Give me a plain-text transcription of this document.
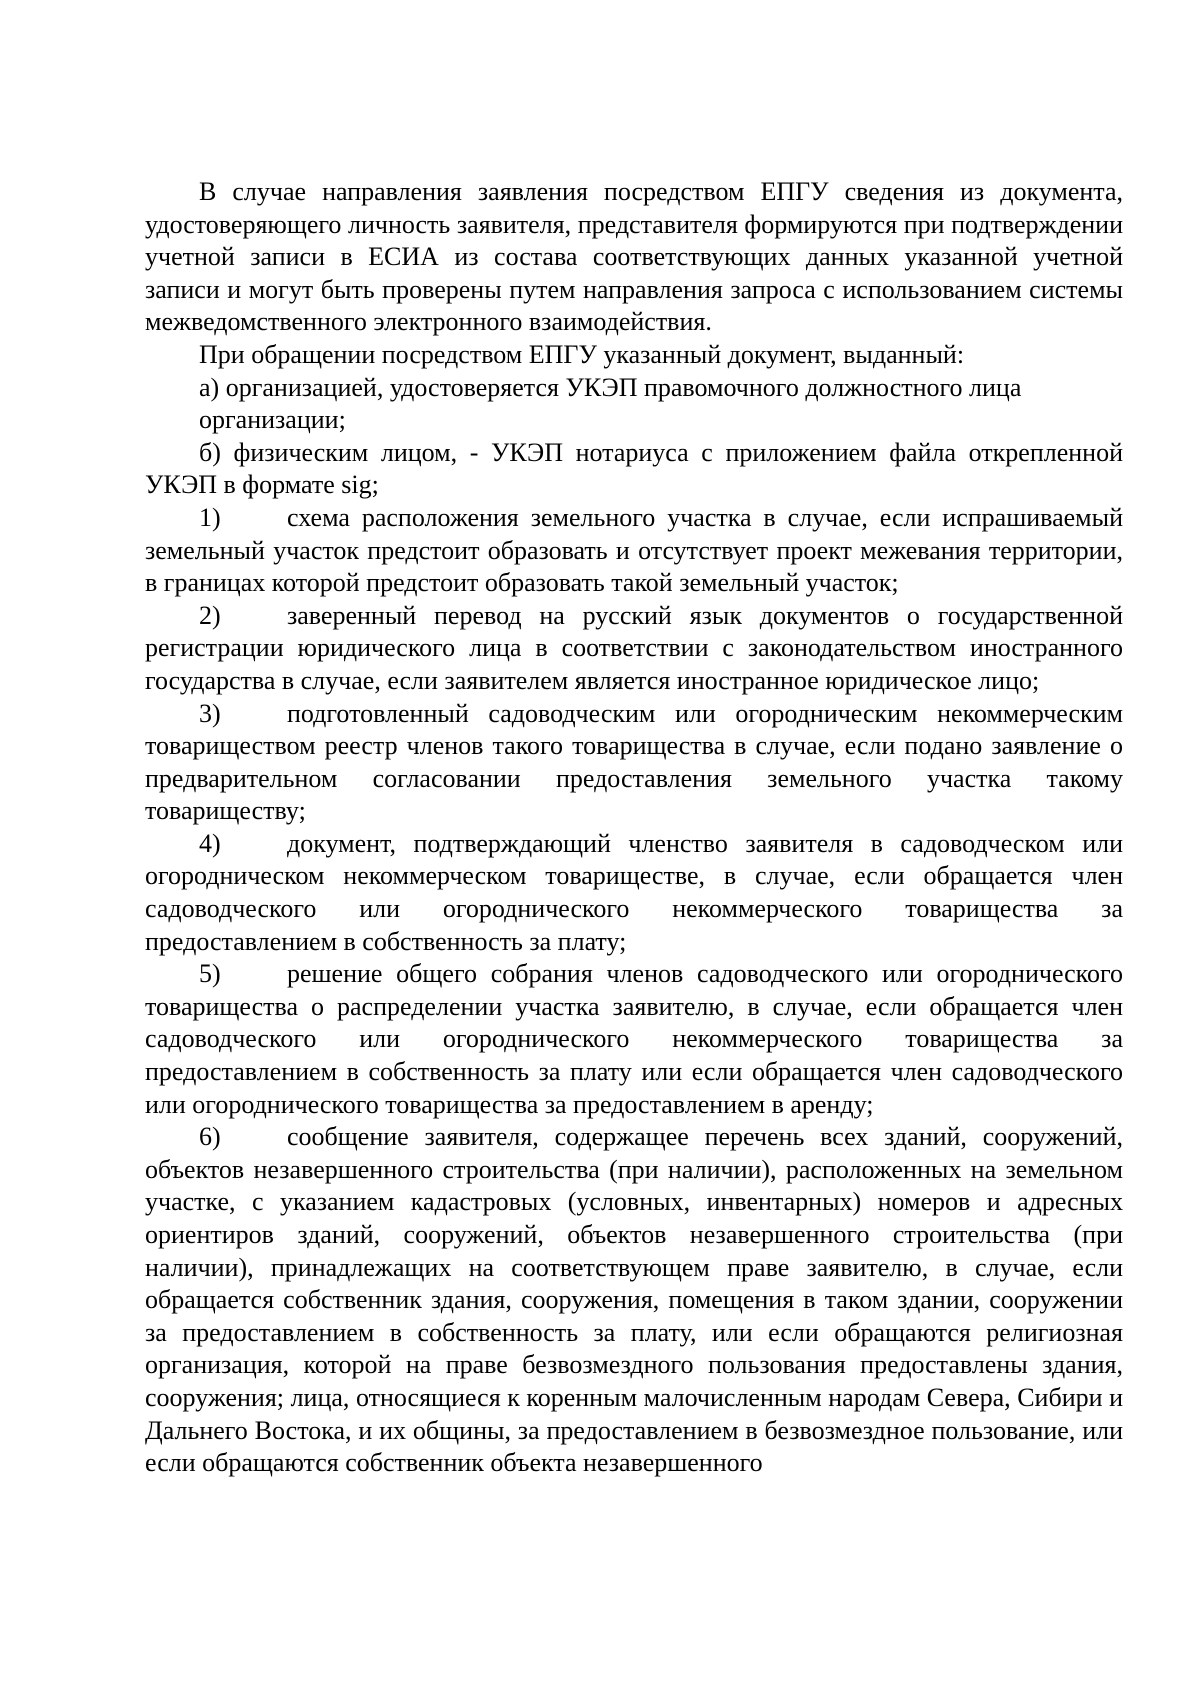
В случае направления заявления посредством ЕПГУ сведения из документа, удостоверяющего личность заявителя, представителя формируются при подтверждении учетной записи в ЕСИА из состава соответствующих данных указанной учетной записи и могут быть проверены путем направления запроса с использованием системы межведомственного электронного взаимодействия.

При обращении посредством ЕПГУ указанный документ, выданный:

а) организацией, удостоверяется УКЭП правомочного должностного лица

организации;

б) физическим лицом, - УКЭП нотариуса с приложением файла открепленной УКЭП в формате sig;

1)	схема расположения земельного участка в случае, если испрашиваемый земельный участок предстоит образовать и отсутствует проект межевания территории, в границах которой предстоит образовать такой земельный участок;

2)	заверенный перевод на русский язык документов о государственной регистрации юридического лица в соответствии с законодательством иностранного государства в случае, если заявителем является иностранное юридическое лицо;

3)	подготовленный садоводческим или огородническим некоммерческим товариществом реестр членов такого товарищества в случае, если подано заявление о предварительном согласовании предоставления земельного участка такому товариществу;

4)	документ, подтверждающий членство заявителя в садоводческом или огородническом некоммерческом товариществе, в случае, если обращается член садоводческого или огороднического некоммерческого товарищества за предоставлением в собственность за плату;

5)	решение общего собрания членов садоводческого или огороднического товарищества о распределении участка заявителю, в случае, если обращается член садоводческого или огороднического некоммерческого товарищества за предоставлением в собственность за плату или если обращается член садоводческого или огороднического товарищества за предоставлением в аренду;

6)	сообщение заявителя, содержащее перечень всех зданий, сооружений, объектов незавершенного строительства (при наличии), расположенных на земельном участке, с указанием кадастровых (условных, инвентарных) номеров и адресных ориентиров зданий, сооружений, объектов незавершенного строительства (при наличии), принадлежащих на соответствующем праве заявителю, в случае, если обращается собственник здания, сооружения, помещения в таком здании, сооружении за предоставлением в собственность за плату, или если обращаются религиозная организация, которой на праве безвозмездного пользования предоставлены здания, сооружения; лица, относящиеся к коренным малочисленным народам Севера, Сибири и Дальнего Востока, и их общины, за предоставлением в безвозмездное пользование, или если обращаются собственник объекта незавершенного
